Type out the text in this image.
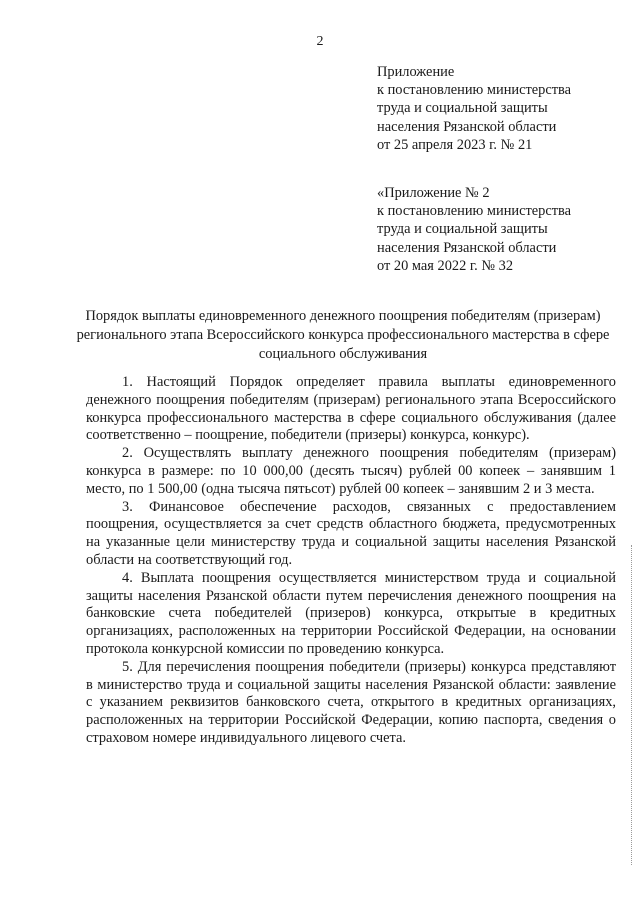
2
Приложение
к постановлению министерства
труда и социальной защиты
населения Рязанской области
от 25 апреля 2023 г. № 21
«Приложение № 2
к постановлению министерства
труда и социальной защиты
населения Рязанской области
от 20 мая 2022 г. № 32
Порядок выплаты единовременного денежного поощрения победителям (призерам) регионального этапа Всероссийского конкурса профессионального мастерства в сфере социального обслуживания

1. Настоящий Порядок определяет правила выплаты единовременного денежного поощрения победителям (призерам) регионального этапа Всероссийского конкурса профессионального мастерства в сфере социального обслуживания (далее соответственно – поощрение, победители (призеры) конкурса, конкурс).

2. Осуществлять выплату денежного поощрения победителям (призерам) конкурса в размере: по 10 000,00 (десять тысяч) рублей 00 копеек – занявшим 1 место, по 1 500,00 (одна тысяча пятьсот) рублей 00 копеек – занявшим 2 и 3 места.

3. Финансовое обеспечение расходов, связанных с предоставлением поощрения, осуществляется за счет средств областного бюджета, предусмотренных на указанные цели министерству труда и социальной защиты населения Рязанской области на соответствующий год.

4. Выплата поощрения осуществляется министерством труда и социальной защиты населения Рязанской области путем перечисления денежного поощрения на банковские счета победителей (призеров) конкурса, открытые в кредитных организациях, расположенных на территории Российской Федерации, на основании протокола конкурсной комиссии по проведению конкурса.

5. Для перечисления поощрения победители (призеры) конкурса представляют в министерство труда и социальной защиты населения Рязанской области: заявление с указанием реквизитов банковского счета, открытого в кредитных организациях, расположенных на территории Российской Федерации, копию паспорта, сведения о страховом номере индивидуального лицевого счета.
